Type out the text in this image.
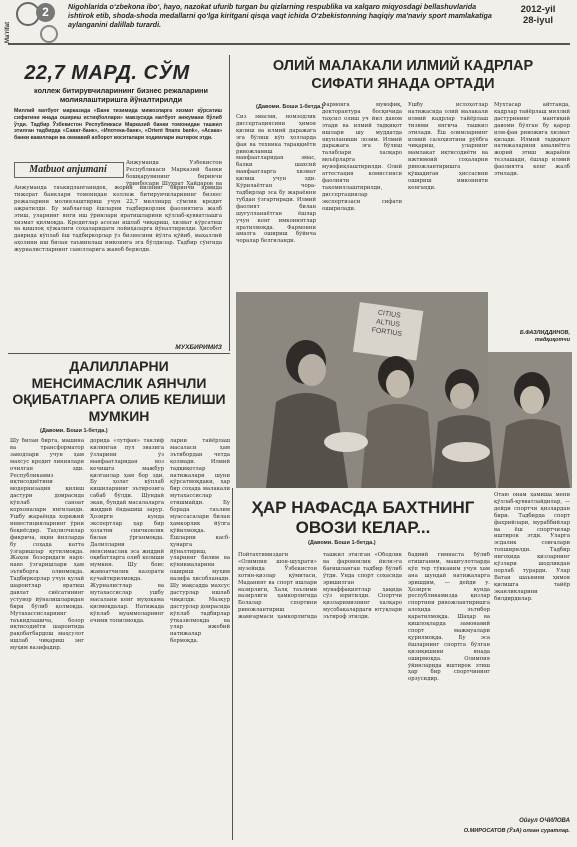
Ma'rifat
2	Nigohlarida o‘zbekona iboʻ, hayo, nazokat ufurib turgan bu qizlarning respublika va xalqaro miqyosdagi bellashuvlarida ishtirok etib, shoda-shoda medallarni qo‘lga kiritgani qisqa vaqt ichida O‘zbekistonning haqiqiy ma'naviy sport mamlakatiga aylanganini dalillab turardi.
2012-yil
28-iyul
22,7 МАРД. СЎМ
коллеж битирувчиларининг бизнес режаларини молиялаштиришга йўналтирилди
Миллий матбуот марказида «Банк тизимида мижозларга хизмат кўрсатиш сифатини янада ошириш истиқболлари» мавзусида матбуот анжумани бўлиб ўтди. Тадбир Ўзбекистон Республикаси Марказий банки томонидан ташкил этилган тадбирда «Сават-банк», «Ипотека-банк», «Orient finans bank», «Асака» банки вакиллари ва оммавий ахборот воситалари ходимлари иштирок этди.
Matbuot anjumani
Анжуманда Ўзбекистон Республикаси Марказий банки бошқарувининг биринчи ўринбосари Шуҳрат Ҳайдаров ва
Анжуманда таъкидланганидек, жорий йилнинг биринчи ярмида тижорат банклари томонидан коллеж битирувчиларининг бизнес режаларини молиялаштириш учун 22,7 миллиард сўмлик кредит ажратилди. Бу маблағлар ёшларни тадбиркорлик фаолиятига жалб этиш, уларнинг янги иш ўринлари яратишларини қўллаб-қувватлашга хизмат қилмоқда. Кредитлар асосан ишлаб чиқариш, хизмат кўрсатиш ва қишлоқ хўжалиги соҳаларидаги лойиҳаларга йўналтирилди. Ҳисобот даврида кўплаб ёш тадбиркорлар ўз бизнесини йўлга қўйиб, маҳаллий аҳолини иш билан таъминлаш имконига эга бўлдилар. Тадбир сўнгида журналистларнинг саволларига жавоб берилди.
МУХБИРИМИЗ
ОЛИЙ МАЛАКАЛИ ИЛМИЙ КАДРЛАР
СИФАТИ ЯНАДА ОРТАДИ
(Давоми. Боши 1-бетда.)
Сиз эмасми, номзодлик диссертациясини ҳимоя қилиш ва илмий даражага эга бўлиш кўп ҳолларда фан ва техника тараққиёти ривожланиш манфаатларидан эмас, балки шахсий манфаатларга хизмат қилиш учун эди. Кўрилаётган чора-тадбирлар эса бу жараённи тубдан ўзгартиради. Илмий фаолият билан шуғулланаётган ёшлар учун кенг имкониятлар яратилмоқда. Фармонни амалга ошириш бўйича чоралар белгиланди.
Фармонга мувофиқ, докторантура босқичида таҳсил олиш уч йил давом этади ва илмий тадқиқот ишлари шу муддатда якунланиши лозим. Илмий даражага эга бўлиш талаблари халқаро меъёрларга мувофиқлаштирилди. Олий аттестация комиссияси фаолияти такомиллаштирилди, диссертациялар экспертизаси сифати оширилади.
Ушбу ислоҳотлар натижасида олий малакали илмий кадрлар тайёрлаш тизими янгича ташкил этилади. Ёш олимларнинг илмий салоҳиятини рўёбга чиқариш, уларнинг мамлакат иқтисодиёти ва ижтимоий соҳаларни ривожлантиришга қўшадиган ҳиссасини ошириш имконияти кенгаяди.
Мухтасар айтганда, кадрлар тайёрлаш миллий дастурининг мантиқий давоми бўлган бу қарор илм-фан ривожига хизмат қилади. Илмий тадқиқот натижаларини амалиётга жорий этиш жараёни тезлашади, ёшлар илмий фаолиятга кенг жалб этилади.
Б.ФАЗЛИДДИНОВ,
тадқиқотчи
CITIUS
ALTIUS
FORTIUS
ДАЛИЛЛАРНИ
МЕНСИМАСЛИК АЯНЧЛИ
ОҚИБАТЛАРГА ОЛИБ КЕЛИШИ
МУМКИН
(Давоми. Боши 1-бетда.)
Шу билан бирга, машина ва трансформатор заводлари учун ҳам махсус кредит линиялари очилган эди. Республикамиз иқтисодиётини модернизация қилиш дастури доирасида кўплаб саноат корхоналари янгиланди. Ушбу жараёнда хорижий инвестицияларнинг ўрни беқиёсдир. Таҳлилчилар фикрича, яқин йилларда бу соҳада катта ўзгаришлар кутилмоқда. Жаҳон бозоридаги нарх-наво ўзгаришлари ҳам эътиборга олинмоқда. Тадбиркорлар учун қулай шароитлар яратиш давлат сиёсатининг устувор йўналишларидан бири бўлиб қолмоқда. Мутахассисларнинг таъкидлашича, бозор иқтисодиёти шароитида рақобатбардош маҳсулот ишлаб чиқариш энг муҳим вазифадир.
дорида «лутфан» таклиф килинган пул эвазига ўзларини ўз манфаатларидан воз кечишга мажбур қилганлар ҳам бор эди. Бу ҳолат кўплаб кишиларнинг эътирозига сабаб бўлди. Шундай экан, бундай масалаларга жиддий ёндашиш зарур. Ҳозирги кунда экспертлар ҳар бир ҳолатни синчковлик билан ўрганмоқда. Далилларни менсимаслик эса жиддий оқибатларга олиб келиши мумкин. Шу боис жамоатчилик назорати кучайтирилмоқда. Журналистлар ва мутахассислар ушбу масалани кенг муҳокама қилмоқдалар. Натижада кўплаб муаммоларнинг ечими топилмоқда.
ларни тайёрлаш масаласи ҳам эътибордан четда қолмади. Илмий тадқиқотлар натижалари шуни кўрсатмоқдаки, ҳар бир соҳада малакали мутахассислар етишмайди. Бу борада таълим муассасалари билан ҳамкорлик йўлга қўйилмоқда. Ёшларни касб-ҳунарга йўналтириш, уларнинг билим ва кўникмаларини ошириш муҳим вазифа ҳисобланади. Шу мақсадда махсус дастурлар ишлаб чиқилди. Мазкур дастурлар доирасида кўплаб тадбирлар ўтказилмоқда ва улар ижобий натижалар бермоқда.
ҲАР НАФАСДА БАХТНИНГ
ОВОЗИ КЕЛАР...
(Давоми. Боши 1-бетда.)
Пойтахтимиздаги «Олимпия шон-шуҳрати» музейида Ўзбекистон хотин-қизлар қўмитаси, Маданият ва спорт ишлари вазирлиги, Халқ таълими вазирлиги ҳамкорлигида Болалар спортини ривожлантириш жамғармаси ҳамкорлигида ташкил этилган «Ободлик ва фаровонлик йили»га бағишланган тадбир бўлиб ўтди. Унда спорт соҳасида эришилган муваффақиятлар ҳақида сўз юритилди. Спортчи қизларимизнинг халқаро мусобақалардаги ютуқлари эътироф этилди.
бадиий гимнаста бўлиб етишганим, машғулотларда кўп тер тўкканим учун ҳам ана шундай натижаларга эришдим, — дейди у. Ҳозирги кунда республикамизда қизлар спортини ривожлантиришга алоҳида эътибор қаратилмоқда. Шаҳар ва қишлоқларда замонавий спорт мажмуалари қурилмоқда. Бу эса ёшларнинг спортга бўлган қизиқишини янада оширмоқда. Олимпия ўйинларида иштирок этиш ҳар бир спортчининг орзусидир.
Отаю онам ҳамиша мени қўллаб-қувватлайдилар, — дейди спортчи қизлардан бири. Тадбирда спорт фахрийлари, мураббийлар ва ёш спортчилар иштирок этди. Уларга эсдалик совғалари топширилди. Тадбир нигоҳида қизларнинг кўзлари шодликдан порлаб турарди. Улар Ватан шаънини ҳимоя қилишга тайёр эканликларини билдирдилар.
Ойгул ОЧИЛОВА
О.МИРОСАТОВ (ЎзА) олган суратлар.
